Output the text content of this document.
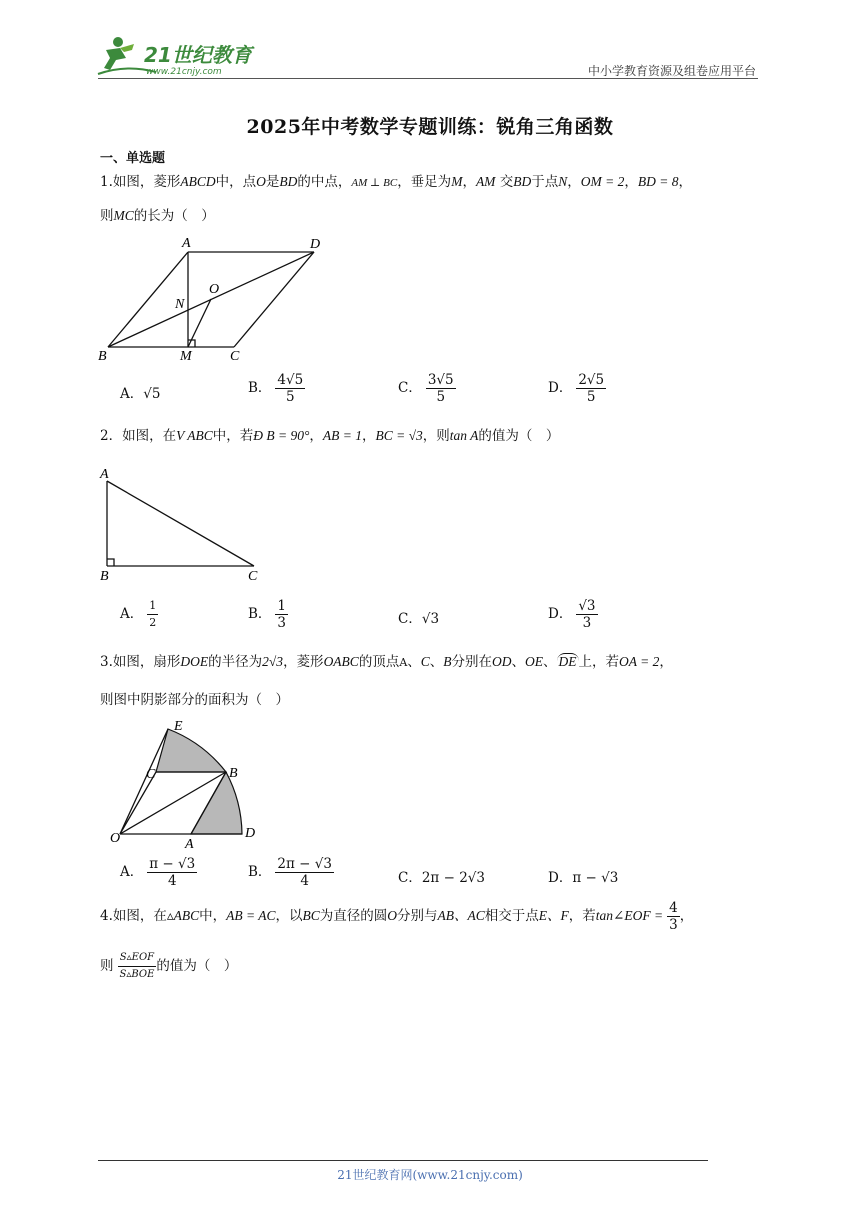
21世纪教育
www.21cnjy.com	中小学教育资源及组卷应用平台
2025年中考数学专题训练：锐角三角函数
一、单选题
1.如图，菱形ABCD中，点O是BD的中点，AM ⊥ BC，垂足为M，AM 交BD于点N，OM = 2，BD = 8，
则MC的长为（　）
A	D
O
N
B	M	C
A．√5	B． $\frac{4√5}{5}$	C． $\frac{3√5}{5}$	D． $\frac{2√5}{5}$
2．如图，在V ABC中，若Ð B = 90°，AB = 1，BC = √3，则tan A的值为（　）
A
B	C
A． $\frac{1}{2}$	B． $\frac{1}{3}$	C．√3	D． $\frac{√3}{3}$
3.如图，扇形DOE的半径为2√3，菱形OABC的顶点A、C、B分别在OD、OE、 DE 上，若OA = 2，
则图中阴影部分的面积为（　）
E
C	B
O	A
D
A． $\frac{\pi - √3}{4}$	B． $\frac{2\pi - √3}{4}$	C．2π − 2√3	D．π − √3
4.如图，在▵ABC中，AB = AC，以BC为直径的圆O分别与AB、AC相交于点E、F，若tan∠EOF = $\frac{4}{3}$ ，
则 $\frac{\text{S▵EOF}}{\text{S▵BOE}}$ 的值为（　）
21世纪教育网(www.21cnjy.com)
